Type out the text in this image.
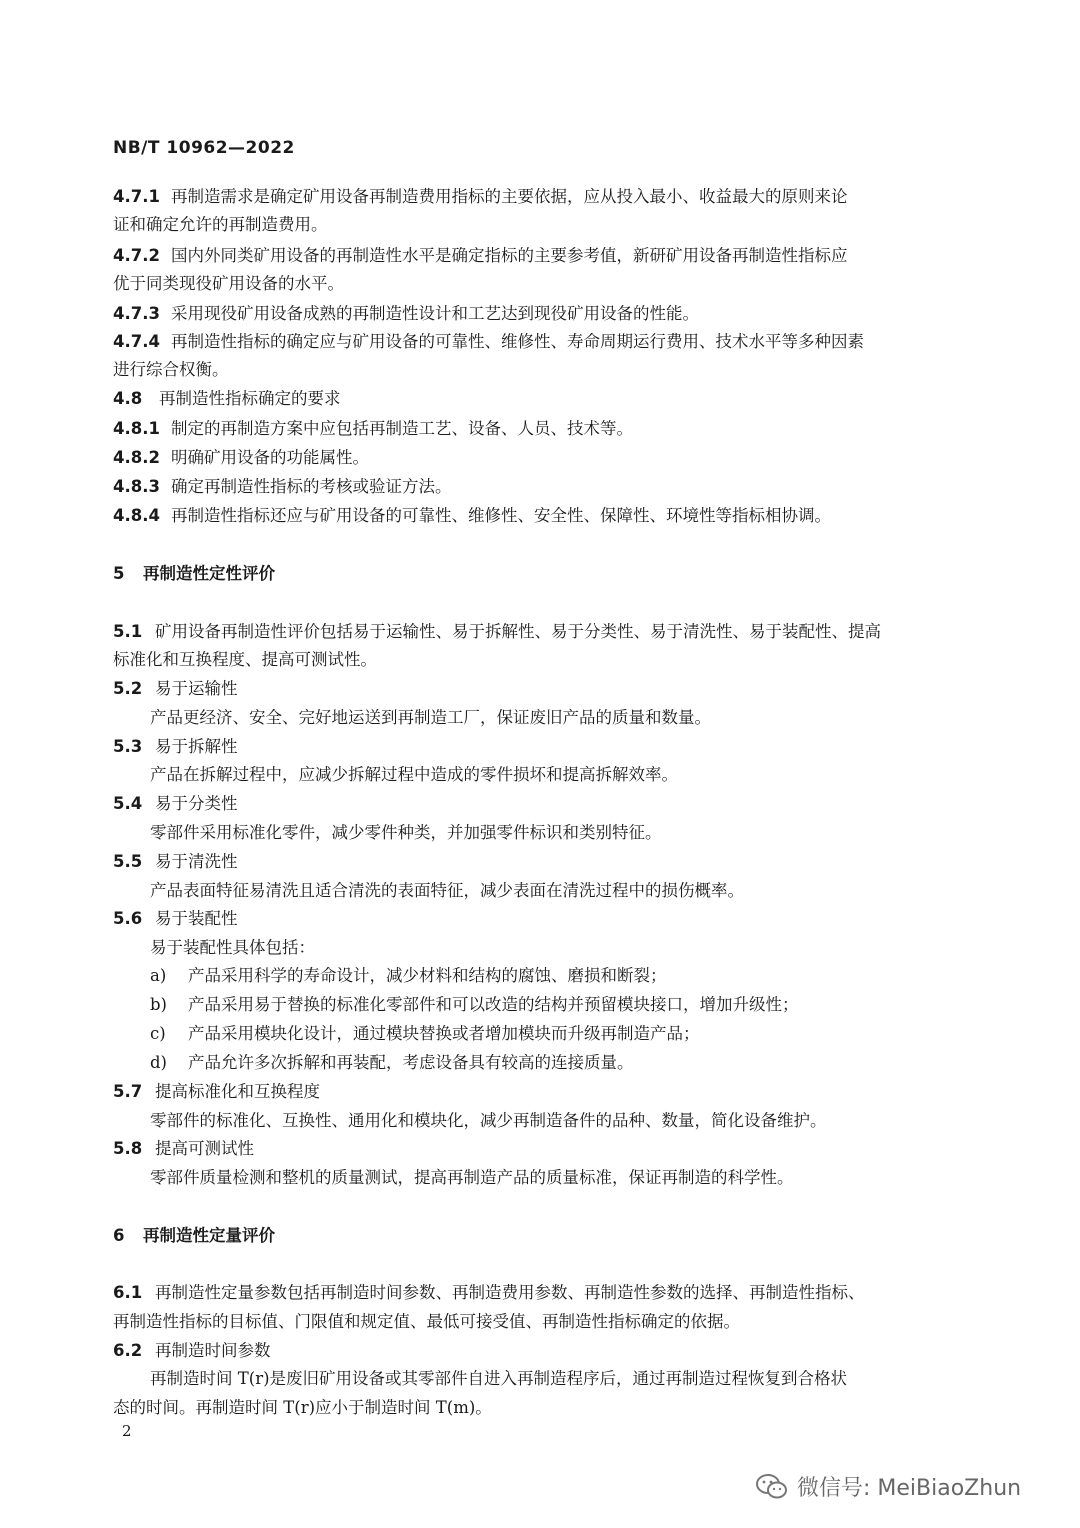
NB/T 10962—2022
4.7.1 再制造需求是确定矿用设备再制造费用指标的主要依据，应从投入最小、收益最大的原则来论
证和确定允许的再制造费用。
4.7.2 国内外同类矿用设备的再制造性水平是确定指标的主要参考值，新研矿用设备再制造性指标应
优于同类现役矿用设备的水平。
4.7.3 采用现役矿用设备成熟的再制造性设计和工艺达到现役矿用设备的性能。
4.7.4 再制造性指标的确定应与矿用设备的可靠性、维修性、寿命周期运行费用、技术水平等多种因素
进行综合权衡。
4.8 再制造性指标确定的要求
4.8.1 制定的再制造方案中应包括再制造工艺、设备、人员、技术等。
4.8.2 明确矿用设备的功能属性。
4.8.3 确定再制造性指标的考核或验证方法。
4.8.4 再制造性指标还应与矿用设备的可靠性、维修性、安全性、保障性、环境性等指标相协调。
5 再制造性定性评价
5.1 矿用设备再制造性评价包括易于运输性、易于拆解性、易于分类性、易于清洗性、易于装配性、提高
标准化和互换程度、提高可测试性。
5.2 易于运输性
产品更经济、安全、完好地运送到再制造工厂，保证废旧产品的质量和数量。
5.3 易于拆解性
产品在拆解过程中，应减少拆解过程中造成的零件损坏和提高拆解效率。
5.4 易于分类性
零部件采用标准化零件，减少零件种类，并加强零件标识和类别特征。
5.5 易于清洗性
产品表面特征易清洗且适合清洗的表面特征，减少表面在清洗过程中的损伤概率。
5.6 易于装配性
易于装配性具体包括：
a) 产品采用科学的寿命设计，减少材料和结构的腐蚀、磨损和断裂；
b) 产品采用易于替换的标准化零部件和可以改造的结构并预留模块接口，增加升级性；
c) 产品采用模块化设计，通过模块替换或者增加模块而升级再制造产品；
d) 产品允许多次拆解和再装配，考虑设备具有较高的连接质量。
5.7 提高标准化和互换程度
零部件的标准化、互换性、通用化和模块化，减少再制造备件的品种、数量，简化设备维护。
5.8 提高可测试性
零部件质量检测和整机的质量测试，提高再制造产品的质量标准，保证再制造的科学性。
6 再制造性定量评价
6.1 再制造性定量参数包括再制造时间参数、再制造费用参数、再制造性参数的选择、再制造性指标、
再制造性指标的目标值、门限值和规定值、最低可接受值、再制造性指标确定的依据。
6.2 再制造时间参数
再制造时间 T(r)是废旧矿用设备或其零部件自进入再制造程序后，通过再制造过程恢复到合格状
态的时间。再制造时间 T(r)应小于制造时间 T(m)。
2
微信号: MeiBiaoZhun
